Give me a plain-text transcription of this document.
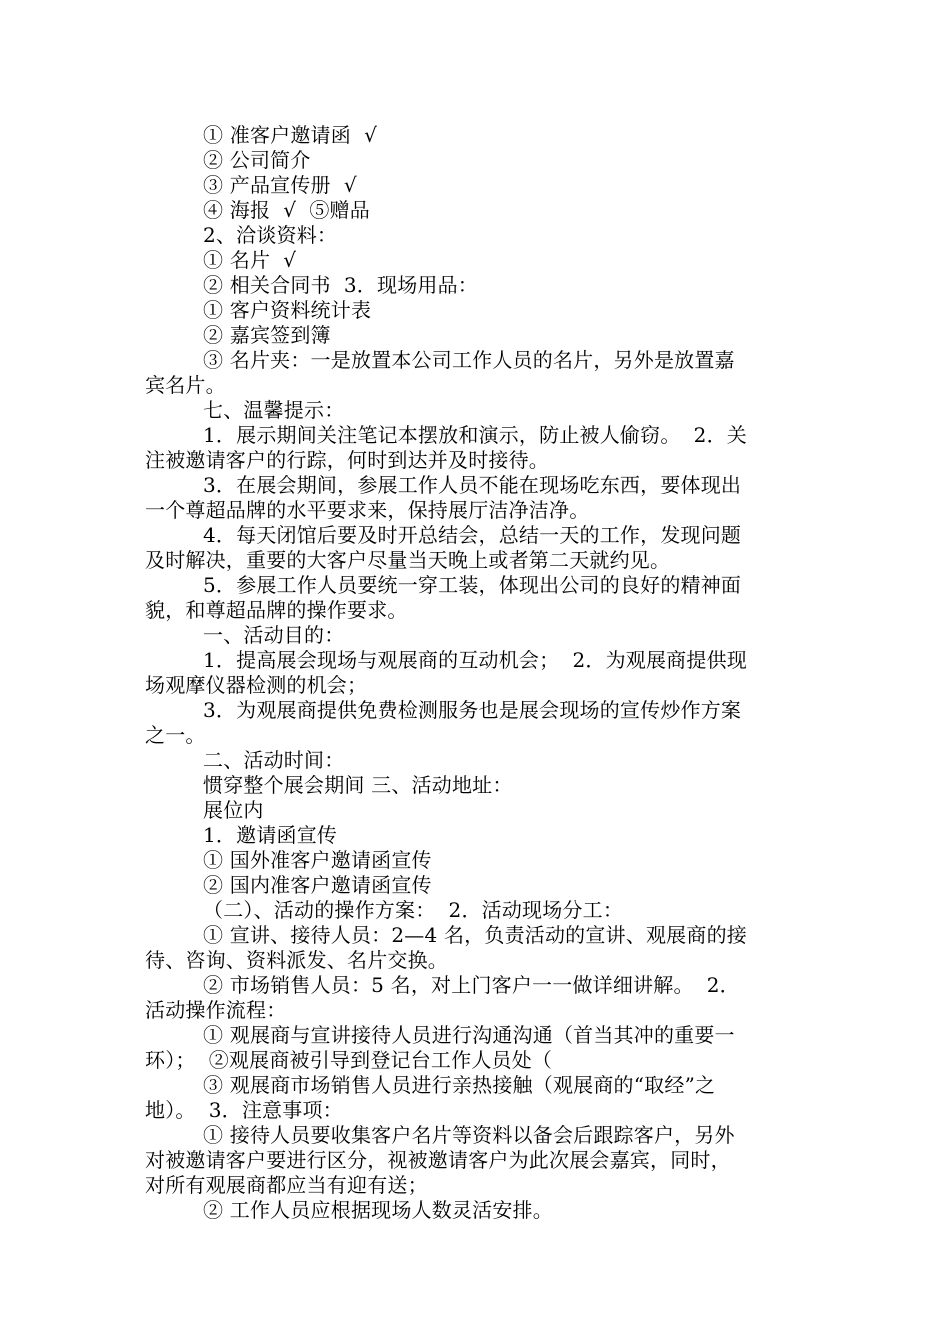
① 准客户邀请函  √
② 公司简介
③ 产品宣传册  √
④ 海报  √  ⑤赠品
2、洽谈资料：
① 名片  √
② 相关合同书  3．现场用品：
① 客户资料统计表
② 嘉宾签到簿
③ 名片夹：一是放置本公司工作人员的名片，另外是放置嘉
宾名片。
七、温馨提示：
1．展示期间关注笔记本摆放和演示，防止被人偷窃。  2．关
注被邀请客户的行踪，何时到达并及时接待。
3．在展会期间，参展工作人员不能在现场吃东西，要体现出
一个尊超品牌的水平要求来，保持展厅洁净洁净。
4．每天闭馆后要及时开总结会，总结一天的工作，发现问题
及时解决，重要的大客户尽量当天晚上或者第二天就约见。
5．参展工作人员要统一穿工装，体现出公司的良好的精神面
貌，和尊超品牌的操作要求。
一、活动目的：
1．提高展会现场与观展商的互动机会；  2．为观展商提供现
场观摩仪器检测的机会；
3．为观展商提供免费检测服务也是展会现场的宣传炒作方案
之一。
二、活动时间：
惯穿整个展会期间 三、活动地址：
展位内
1．邀请函宣传
① 国外准客户邀请函宣传
② 国内准客户邀请函宣传
（二）、活动的操作方案：  2．活动现场分工：
① 宣讲、接待人员：2—4 名，负责活动的宣讲、观展商的接
待、咨询、资料派发、名片交换。
② 市场销售人员：5 名，对上门客户一一做详细讲解。  2．
活动操作流程：
① 观展商与宣讲接待人员进行沟通沟通（首当其冲的重要一
环）；  ②观展商被引导到登记台工作人员处（
③ 观展商市场销售人员进行亲热接触（观展商的“取经”之
地）。  3．注意事项：
① 接待人员要收集客户名片等资料以备会后跟踪客户，另外
对被邀请客户要进行区分，视被邀请客户为此次展会嘉宾，同时，
对所有观展商都应当有迎有送；
② 工作人员应根据现场人数灵活安排。
